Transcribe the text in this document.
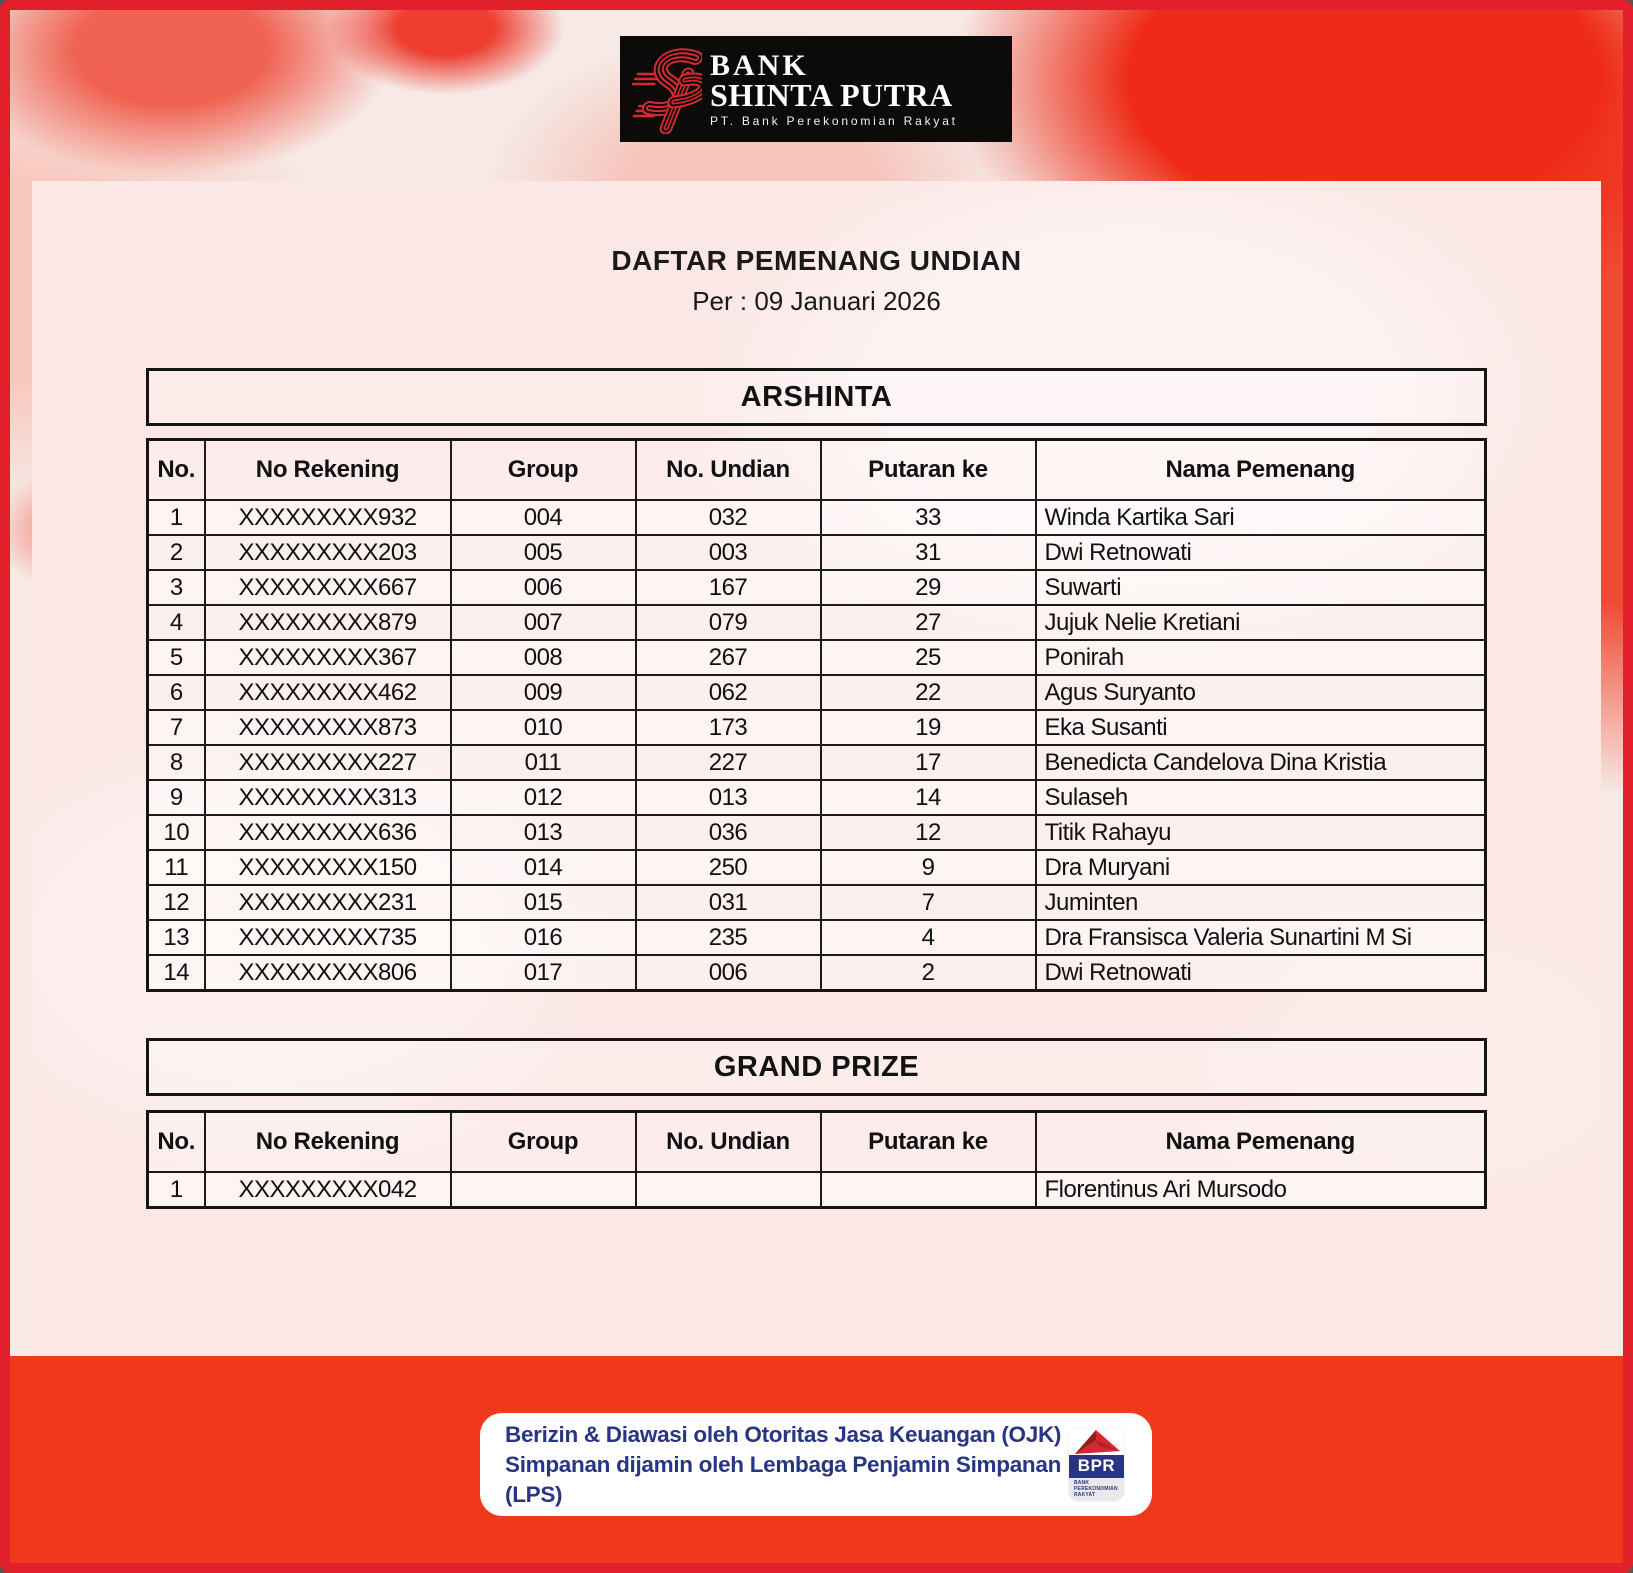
BANK
SHINTA PUTRA
PT. Bank Perekonomian Rakyat
DAFTAR PEMENANG UNDIAN
Per : 09 Januari 2026
ARSHINTA
No.	No Rekening	Group	No. Undian	Putaran ke	Nama Pemenang
1	XXXXXXXXX932	004	032	33	Winda Kartika Sari
2	XXXXXXXXX203	005	003	31	Dwi Retnowati
3	XXXXXXXXX667	006	167	29	Suwarti
4	XXXXXXXXX879	007	079	27	Jujuk Nelie Kretiani
5	XXXXXXXXX367	008	267	25	Ponirah
6	XXXXXXXXX462	009	062	22	Agus Suryanto
7	XXXXXXXXX873	010	173	19	Eka Susanti
8	XXXXXXXXX227	011	227	17	Benedicta Candelova Dina Kristia
9	XXXXXXXXX313	012	013	14	Sulaseh
10	XXXXXXXXX636	013	036	12	Titik Rahayu
11	XXXXXXXXX150	014	250	9	Dra Muryani
12	XXXXXXXXX231	015	031	7	Juminten
13	XXXXXXXXX735	016	235	4	Dra Fransisca Valeria Sunartini M Si
14	XXXXXXXXX806	017	006	2	Dwi Retnowati
GRAND PRIZE
No.	No Rekening	Group	No. Undian	Putaran ke	Nama Pemenang
1	XXXXXXXXX042				Florentinus Ari Mursodo
Berizin & Diawasi oleh Otoritas Jasa Keuangan (OJK)
Simpanan dijamin oleh Lembaga Penjamin Simpanan (LPS)
BPR
BANK
PEREKONOMIAN
RAKYAT
